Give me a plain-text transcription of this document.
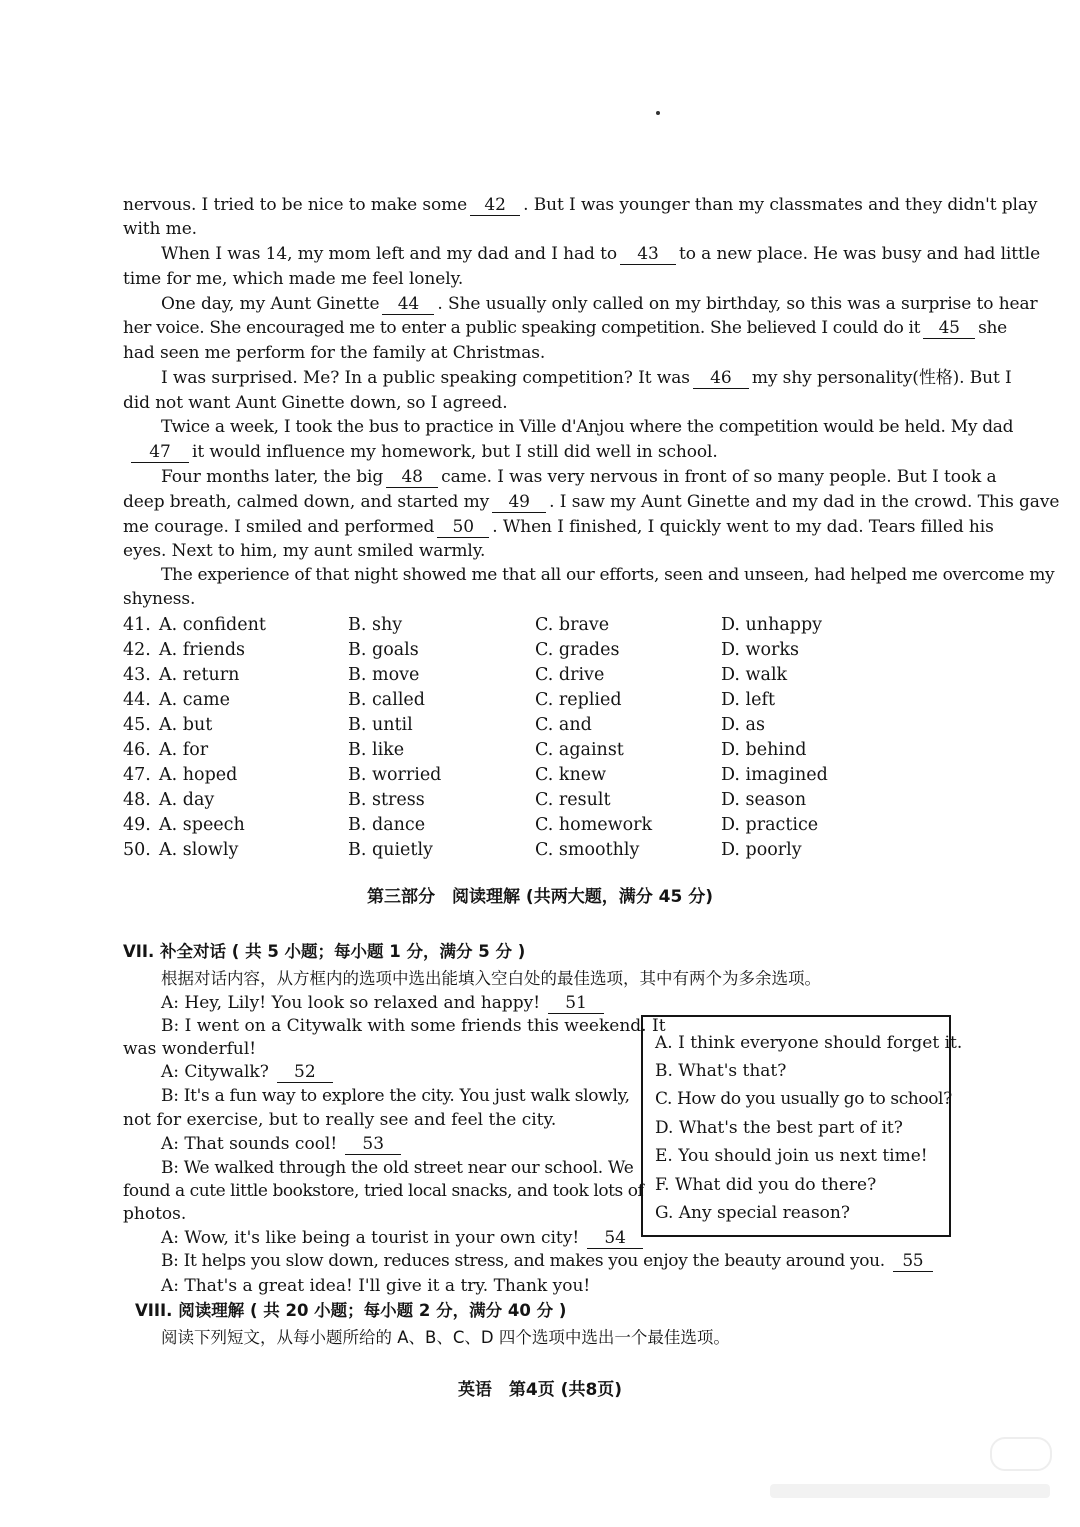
nervous. I tried to be nice to make some 42 . But I was younger than my classmates and they didn't play
with me.
When I was 14, my mom left and my dad and I had to 43 to a new place. He was busy and had little
time for me, which made me feel lonely.
One day, my Aunt Ginette 44 . She usually only called on my birthday, so this was a surprise to hear
her voice. She encouraged me to enter a public speaking competition. She believed I could do it 45 she
had seen me perform for the family at Christmas.
I was surprised. Me? In a public speaking competition? It was 46 my shy personality(性格). But I
did not want Aunt Ginette down, so I agreed.
Twice a week, I took the bus to practice in Ville d'Anjou where the competition would be held. My dad
47 it would influence my homework, but I still did well in school.
Four months later, the big 48 came. I was very nervous in front of so many people. But I took a
deep breath, calmed down, and started my 49 . I saw my Aunt Ginette and my dad in the crowd. This gave
me courage. I smiled and performed 50 . When I finished, I quickly went to my dad. Tears filled his
eyes. Next to him, my aunt smiled warmly.
The experience of that night showed me that all our efforts, seen and unseen, had helped me overcome my
shyness.
41. A. confident	B. shy	C. brave	D. unhappy
42. A. friends	B. goals	C. grades	D. works
43. A. return	B. move	C. drive	D. walk
44. A. came	B. called	C. replied	D. left
45. A. but	B. until	C. and	D. as
46. A. for	B. like	C. against	D. behind
47. A. hoped	B. worried	C. knew	D. imagined
48. A. day	B. stress	C. result	D. season
49. A. speech	B. dance	C. homework	D. practice
50. A. slowly	B. quietly	C. smoothly	D. poorly
第三部分　阅读理解 (共两大题，满分 45 分)
VII. 补全对话 ( 共 5 小题；每小题 1 分，满分 5 分 )
根据对话内容，从方框内的选项中选出能填入空白处的最佳选项，其中有两个为多余选项。
A: Hey, Lily! You look so relaxed and happy! 51
B: I went on a Citywalk with some friends this weekend. It
was wonderful!
A: Citywalk? 52
B: It's a fun way to explore the city. You just walk slowly,
not for exercise, but to really see and feel the city.
A: That sounds cool! 53
B: We walked through the old street near our school. We
found a cute little bookstore, tried local snacks, and took lots of
photos.
A: Wow, it's like being a tourist in your own city! 54
B: It helps you slow down, reduces stress, and makes you enjoy the beauty around you. 55
A: That's a great idea! I'll give it a try. Thank you!
A. I think everyone should forget it.
B. What's that?
C. How do you usually go to school?
D. What's the best part of it?
E. You should join us next time!
F. What did you do there?
G. Any special reason?
VIII. 阅读理解 ( 共 20 小题；每小题 2 分，满分 40 分 )
阅读下列短文，从每小题所给的 A、B、C、D 四个选项中选出一个最佳选项。
英语　第4页 (共8页)
